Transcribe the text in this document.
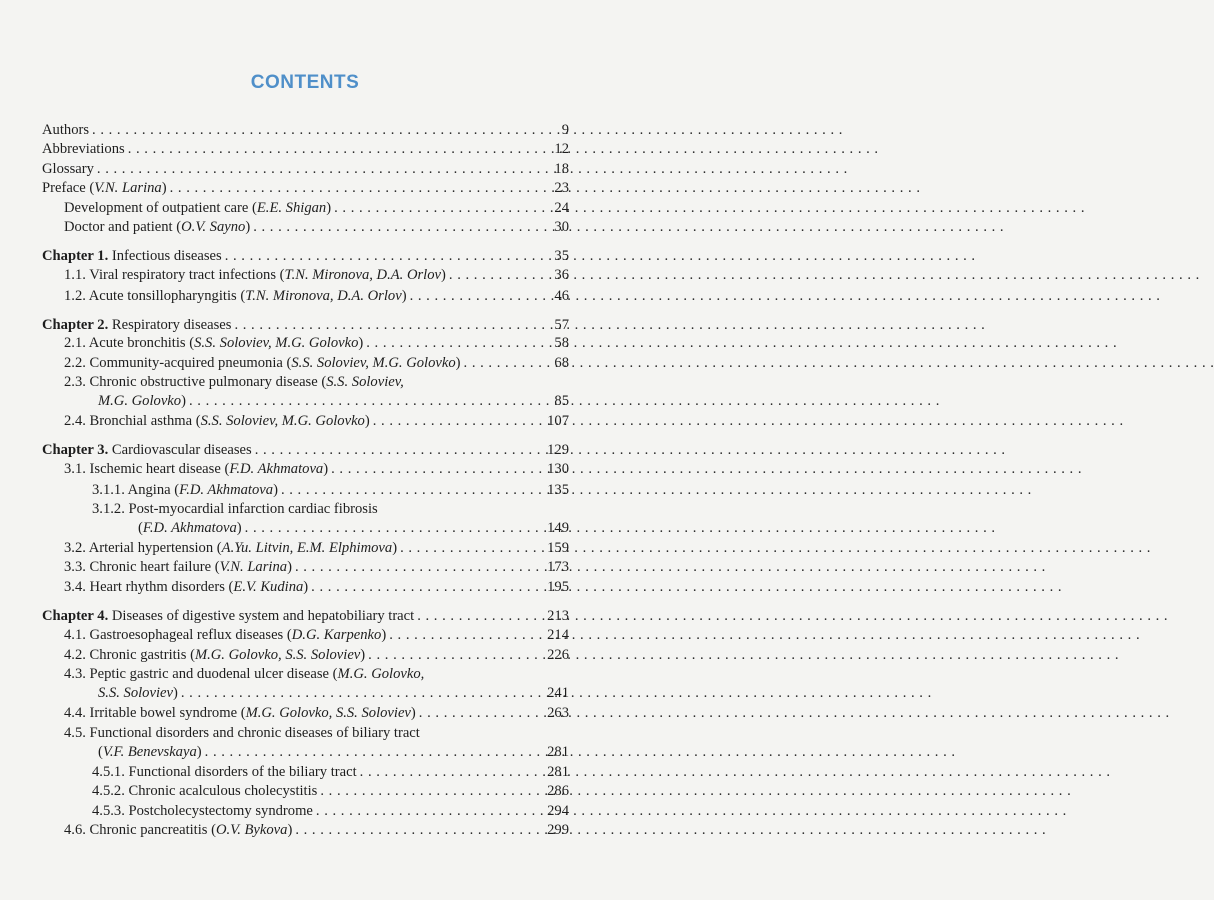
CONTENTS
Authors . . .	9
Abbreviations . . .	12
Glossary . . .	18
Preface (V.N. Larina) . . .	23
Development of outpatient care (E.E. Shigan) . . .	24
Doctor and patient (O.V. Sayno) . . .	30
Chapter 1. Infectious diseases . . .	35
1.1. Viral respiratory tract infections (T.N. Mironova, D.A. Orlov) . . .	36
1.2. Acute tonsillopharyngitis (T.N. Mironova, D.A. Orlov) . . .	46
Chapter 2. Respiratory diseases . . .	57
2.1. Acute bronchitis (S.S. Soloviev, M.G. Golovko) . . .	58
2.2. Community-acquired pneumonia (S.S. Soloviev, M.G. Golovko) . . .	68
2.3. Chronic obstructive pulmonary disease (S.S. Soloviev,
M.G. Golovko) . . .	85
2.4. Bronchial asthma (S.S. Soloviev, M.G. Golovko) . . .	107
Chapter 3. Cardiovascular diseases . . .	129
3.1. Ischemic heart disease (F.D. Akhmatova) . . .	130
3.1.1. Angina (F.D. Akhmatova) . . .	135
3.1.2. Post-myocardial infarction cardiac fibrosis
(F.D. Akhmatova) . . .	149
3.2. Arterial hypertension (A.Yu. Litvin, E.M. Elphimova) . . .	159
3.3. Chronic heart failure (V.N. Larina) . . .	173
3.4. Heart rhythm disorders (E.V. Kudina) . . .	195
Chapter 4. Diseases of digestive system and hepatobiliary tract . . .	213
4.1. Gastroesophageal reflux diseases (D.G. Karpenko) . . .	214
4.2. Chronic gastritis (M.G. Golovko, S.S. Soloviev) . . .	226
4.3. Peptic gastric and duodenal ulcer disease (M.G. Golovko,
S.S. Soloviev) . . .	241
4.4. Irritable bowel syndrome (M.G. Golovko, S.S. Soloviev) . . .	263
4.5. Functional disorders and chronic diseases of biliary tract
(V.F. Benevskaya) . . .	281
4.5.1. Functional disorders of the biliary tract . . .	281
4.5.2. Chronic acalculous cholecystitis . . .	286
4.5.3. Postcholecystectomy syndrome . . .	294
4.6. Chronic pancreatitis (O.V. Bykova) . . .	299
